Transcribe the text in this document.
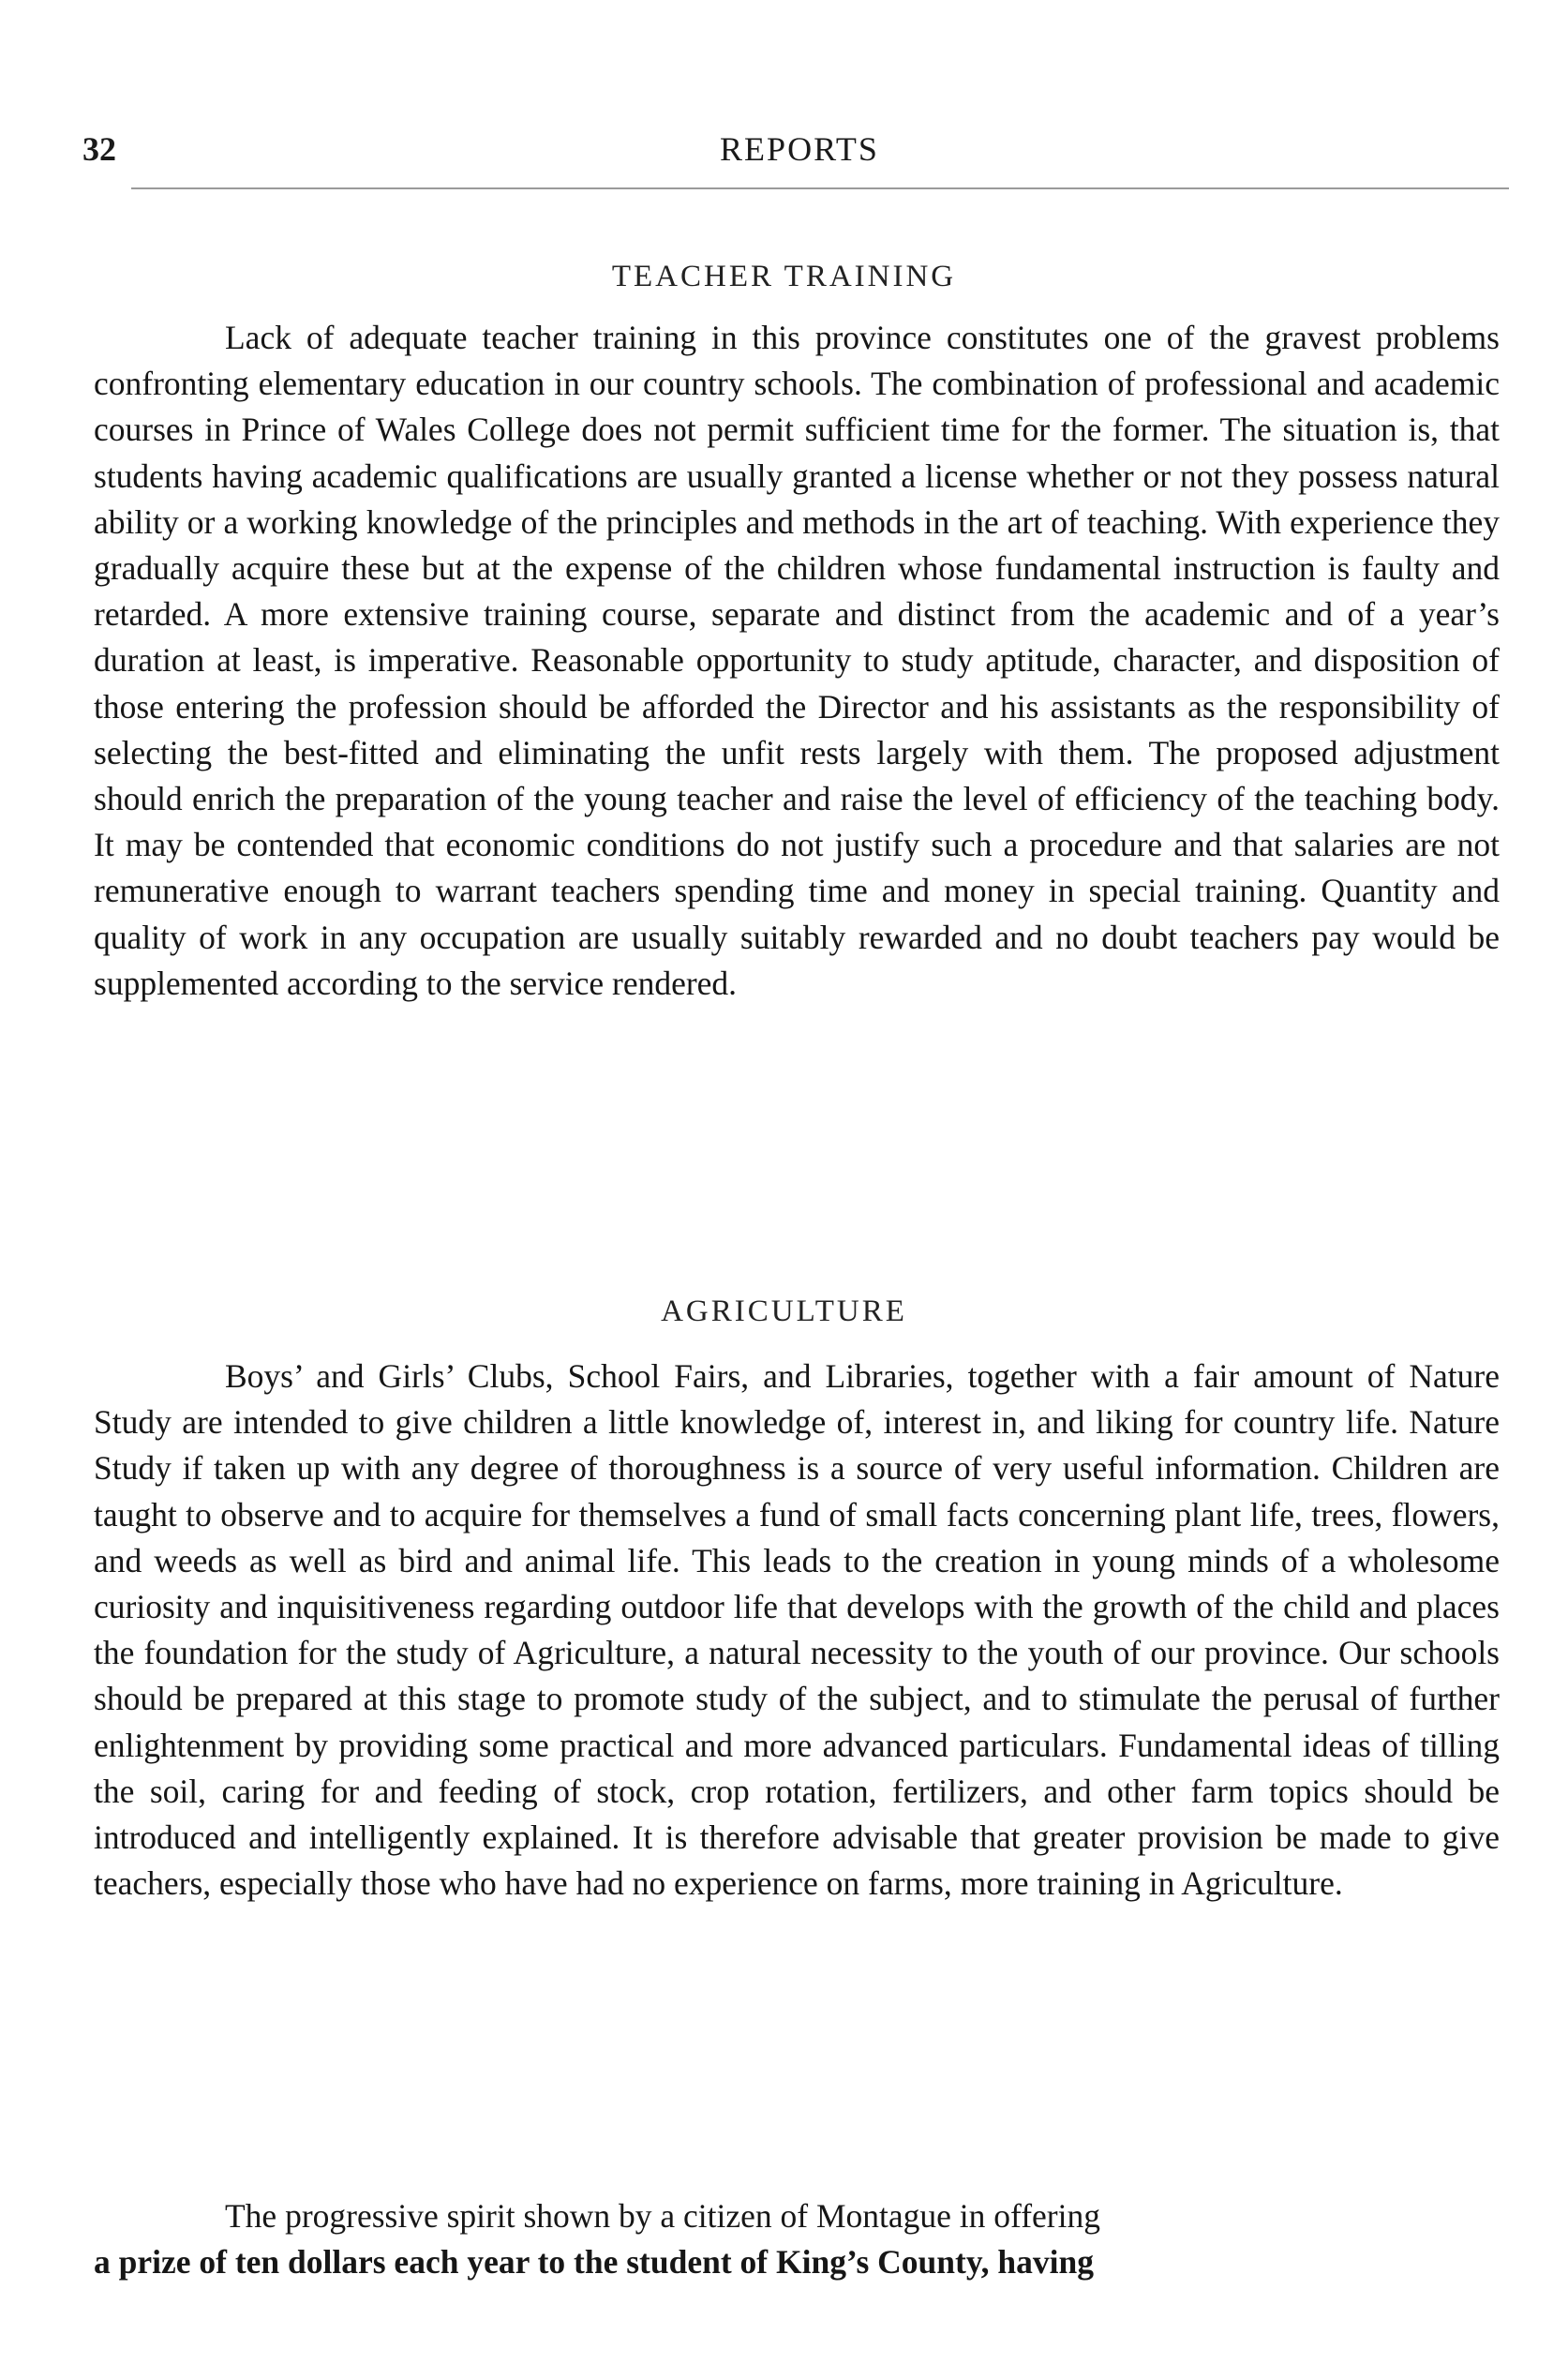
32	REPORTS
TEACHER TRAINING

Lack of adequate teacher training in this province constitutes one of the gravest problems confronting elementary education in our country schools. The combination of professional and academic courses in Prince of Wales College does not permit sufficient time for the former. The situation is, that students having academic qualifications are usually granted a license whether or not they possess natural ability or a working knowledge of the principles and methods in the art of teaching. With experience they gradually acquire these but at the expense of the children whose fundamental instruction is faulty and retarded. A more extensive training course, separate and distinct from the academic and of a year’s duration at least, is imperative. Reasonable opportunity to study aptitude, character, and disposition of those entering the profession should be afforded the Director and his assistants as the responsibility of selecting the best-fitted and eliminating the unfit rests largely with them. The proposed adjustment should enrich the preparation of the young teacher and raise the level of efficiency of the teaching body. It may be contended that economic conditions do not justify such a procedure and that salaries are not remunerative enough to warrant teachers spending time and money in special training. Quantity and quality of work in any occupation are usually suitably rewarded and no doubt teachers pay would be supplemented according to the service rendered.

AGRICULTURE

Boys’ and Girls’ Clubs, School Fairs, and Libraries, together with a fair amount of Nature Study are intended to give children a little knowledge of, interest in, and liking for country life. Nature Study if taken up with any degree of thoroughness is a source of very useful information. Children are taught to observe and to acquire for themselves a fund of small facts concerning plant life, trees, flowers, and weeds as well as bird and animal life. This leads to the creation in young minds of a wholesome curiosity and inquisitiveness regarding outdoor life that develops with the growth of the child and places the foundation for the study of Agriculture, a natural necessity to the youth of our province. Our schools should be prepared at this stage to promote study of the subject, and to stimulate the perusal of further enlightenment by providing some practical and more advanced particulars. Fundamental ideas of tilling the soil, caring for and feeding of stock, crop rotation, fertilizers, and other farm topics should be introduced and intelligently explained. It is therefore advisable that greater provision be made to give teachers, especially those who have had no experience on farms, more training in Agriculture.

The progressive spirit shown by a citizen of Montague in offering
a prize of ten dollars each year to the student of King’s County, having
